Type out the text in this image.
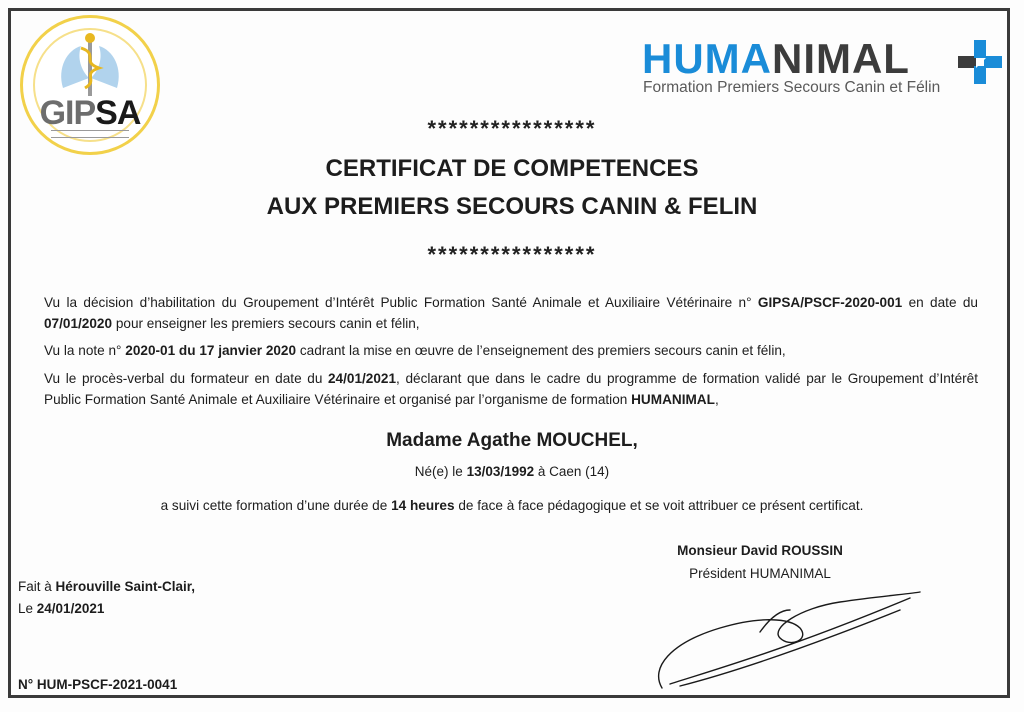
GIPSA
HUMANIMAL
Formation Premiers Secours Canin et Félin
****************
CERTIFICAT DE COMPETENCES
AUX PREMIERS SECOURS CANIN & FELIN
****************
Vu la décision d’habilitation du Groupement d’Intérêt Public Formation Santé Animale et Auxiliaire Vétérinaire n° GIPSA/PSCF-2020-001 en date du 07/01/2020 pour enseigner les premiers secours canin et félin,
Vu la note n° 2020-01 du 17 janvier 2020 cadrant la mise en œuvre de l’enseignement des premiers secours canin et félin,
Vu le procès-verbal du formateur en date du 24/01/2021, déclarant que dans le cadre du programme de formation validé par le Groupement d’Intérêt Public Formation Santé Animale et Auxiliaire Vétérinaire et organisé par l’organisme de formation HUMANIMAL,
Madame Agathe MOUCHEL,
Né(e) le 13/03/1992 à Caen (14)
a suivi cette formation d’une durée de 14 heures de face à face pédagogique et se voit attribuer ce présent certificat.
Monsieur David ROUSSIN
Président HUMANIMAL
Fait à Hérouville Saint-Clair,
Le 24/01/2021
N° HUM-PSCF-2021-0041
